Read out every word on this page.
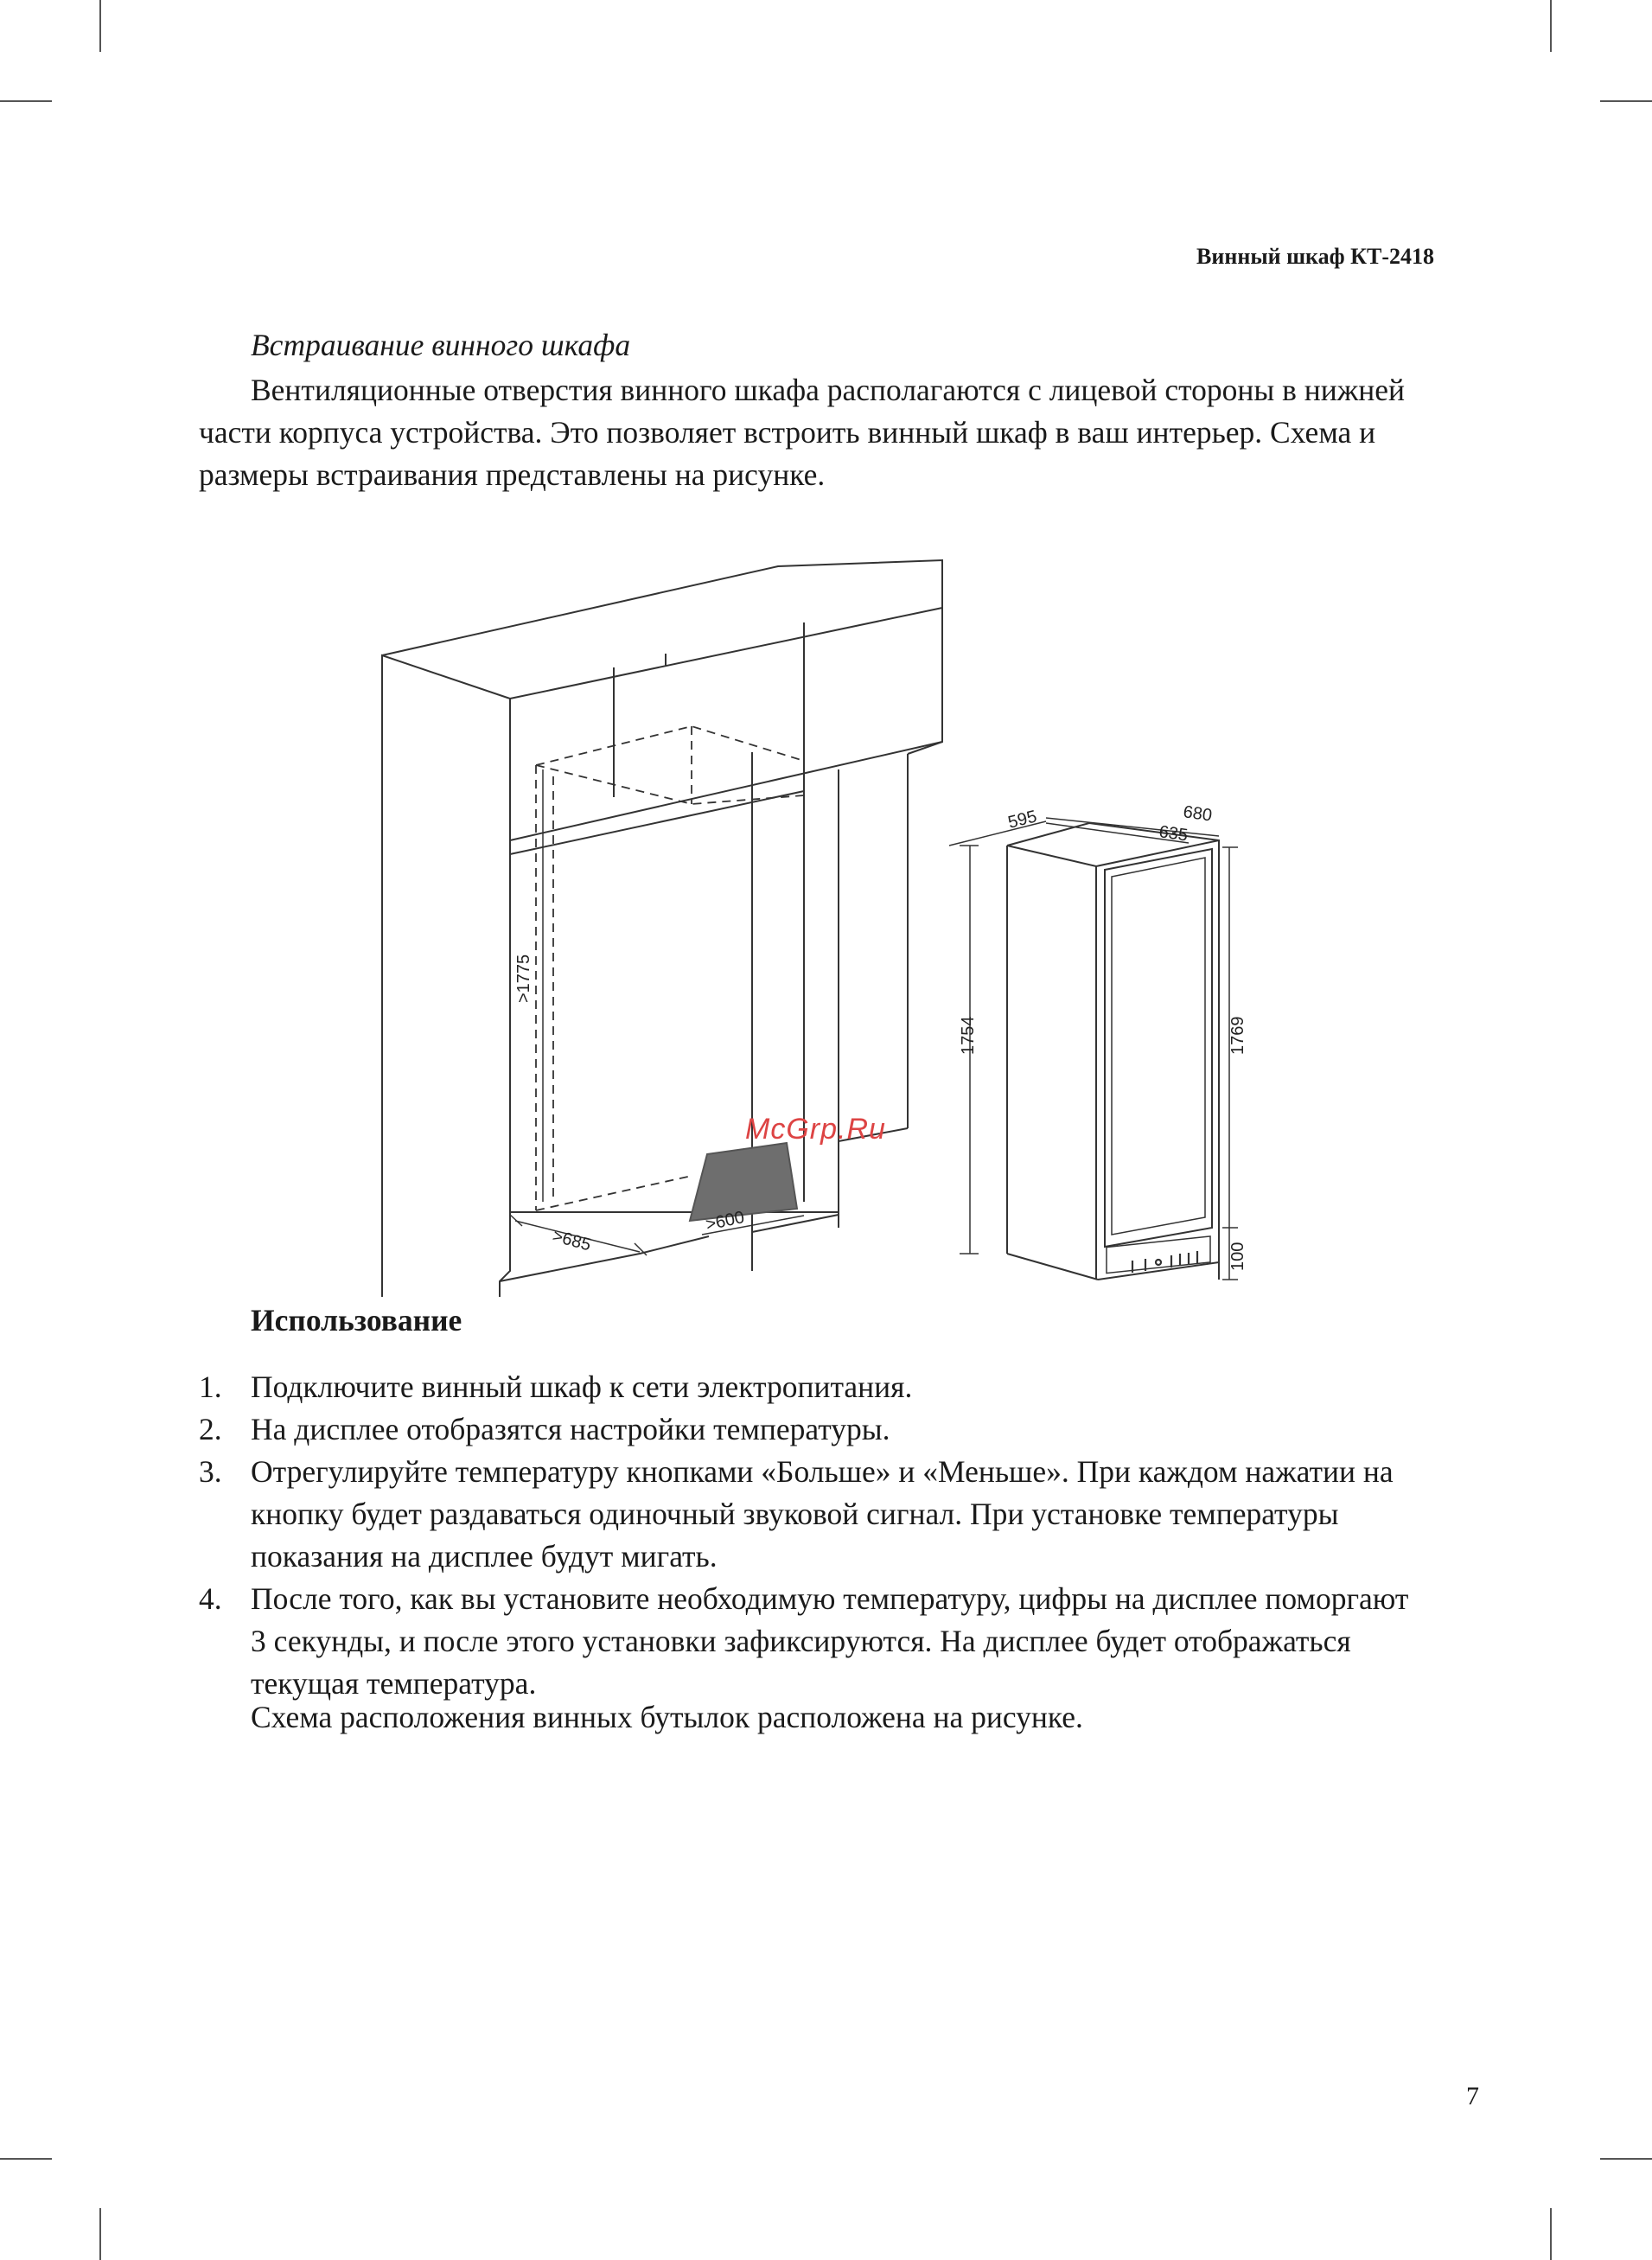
Винный шкаф КТ-2418
Встраивание винного шкафа
Вентиляционные отверстия винного шкафа располагаются с лицевой стороны в нижней части корпуса устройства. Это позволяет встроить винный шкаф в ваш интерьер. Схема и размеры встраивания представлены на рисунке.
>1775
>685
>600
595	680
635
1754	1769
100
McGrp.Ru
Использование
1. Подключите винный шкаф к сети электропитания.
2. На дисплее отобразятся настройки температуры.
3. Отрегулируйте температуру кнопками «Больше» и «Меньше». При каждом нажатии на кнопку будет раздаваться одиночный звуковой сигнал. При установке температуры показания на дисплее будут мигать.
4. После того, как вы установите необходимую температуру, цифры на дисплее поморгают 3 секунды, и после этого установки зафиксируются. На дисплее будет отображаться текущая температура.
Схема расположения винных бутылок расположена на рисунке.
7
